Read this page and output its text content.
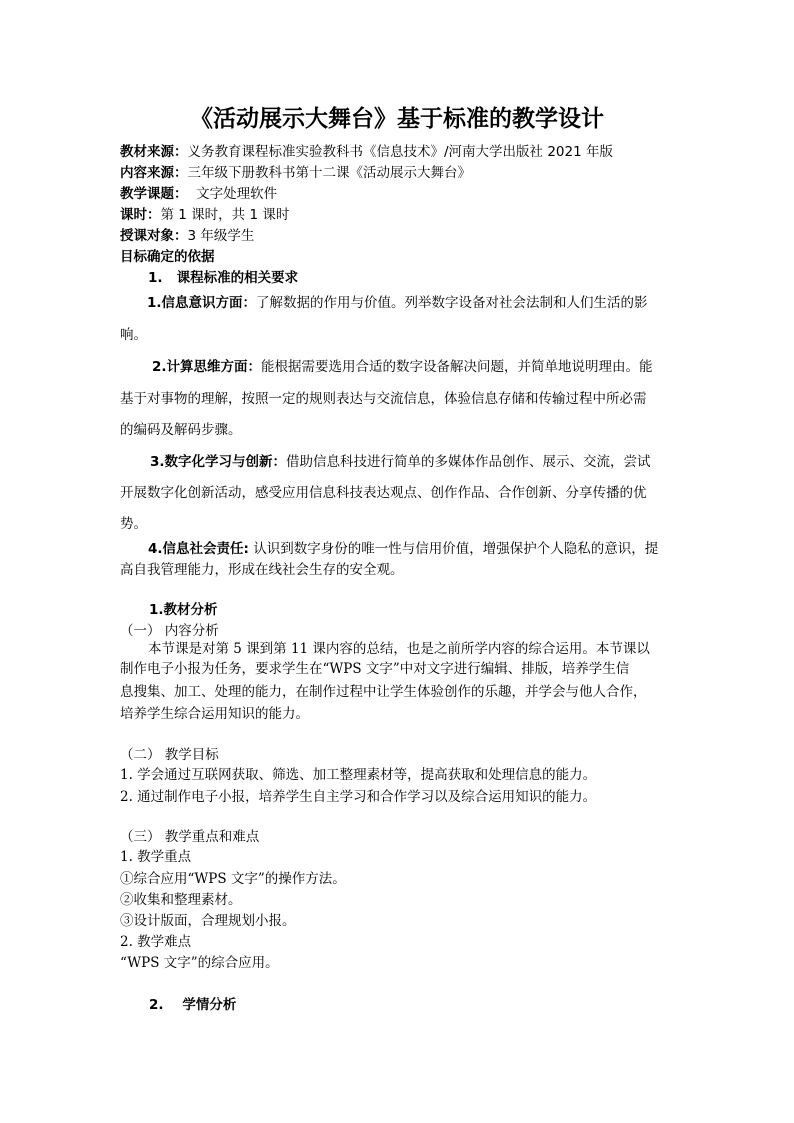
《活动展示大舞台》基于标准的教学设计
教材来源：义务教育课程标准实验教科书《信息技术》/河南大学出版社 2021 年版
内容来源：三年级下册教科书第十二课《活动展示大舞台》
教学课题：  文字处理软件
课时：第 1 课时，共 1 课时
授课对象：3 年级学生
目标确定的依据
1.   课程标准的相关要求
1.信息意识方面：了解数据的作用与价值。列举数字设备对社会法制和人们生活的影
响。
2.计算思维方面：能根据需要选用合适的数字设备解决问题，并简单地说明理由。能
基于对事物的理解，按照一定的规则表达与交流信息，体验信息存储和传输过程中所必需
的编码及解码步骤。
3.数字化学习与创新：借助信息科技进行简单的多媒体作品创作、展示、交流，尝试
开展数字化创新活动，感受应用信息科技表达观点、创作作品、合作创新、分享传播的优
势。
4.信息社会责任: 认识到数字身份的唯一性与信用价值，增强保护个人隐私的意识，提
高自我管理能力，形成在线社会生存的安全观。
1.教材分析
（一） 内容分析
本节课是对第 5 课到第 11 课内容的总结，也是之前所学内容的综合运用。本节课以
制作电子小报为任务，要求学生在“WPS 文字”中对文字进行编辑、排版，培养学生信
息搜集、加工、处理的能力，在制作过程中让学生体验创作的乐趣，并学会与他人合作，
培养学生综合运用知识的能力。
（二） 教学目标
1. 学会通过互联网获取、筛选、加工整理素材等，提高获取和处理信息的能力。
2. 通过制作电子小报，培养学生自主学习和合作学习以及综合运用知识的能力。
（三） 教学重点和难点
1. 教学重点
①综合应用“WPS 文字”的操作方法。
②收集和整理素材。
③设计版面，合理规划小报。
2. 教学难点
“WPS 文字”的综合应用。
2.    学情分析
